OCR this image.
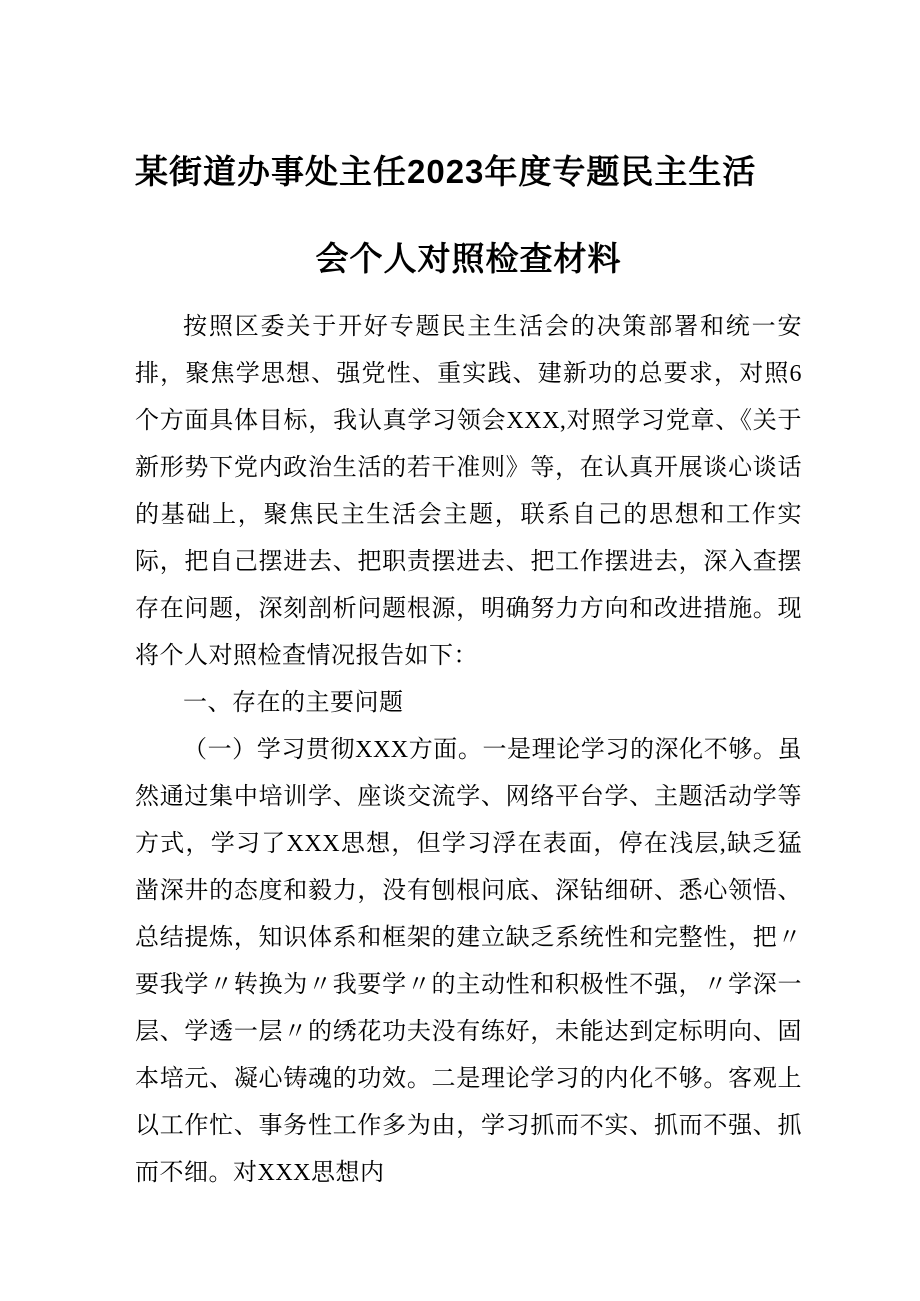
某街道办事处主任2023年度专题民主生活
会个人对照检查材料

按照区委关于开好专题民主生活会的决策部署和统一安排，聚焦学思想、强党性、重实践、建新功的总要求，对照6个方面具体目标，我认真学习领会XXX,对照学习党章、《关于新形势下党内政治生活的若干准则》等，在认真开展谈心谈话的基础上，聚焦民主生活会主题，联系自己的思想和工作实际，把自己摆进去、把职责摆进去、把工作摆进去，深入查摆存在问题，深刻剖析问题根源，明确努力方向和改进措施。现将个人对照检查情况报告如下：

一、存在的主要问题

（一）学习贯彻XXX方面。一是理论学习的深化不够。虽然通过集中培训学、座谈交流学、网络平台学、主题活动学等方式，学习了XXX思想，但学习浮在表面，停在浅层,缺乏猛凿深井的态度和毅力，没有刨根问底、深钻细研、悉心领悟、总结提炼，知识体系和框架的建立缺乏系统性和完整性，把〃要我学〃转换为〃我要学〃的主动性和积极性不强，〃学深一层、学透一层〃的绣花功夫没有练好，未能达到定标明向、固本培元、凝心铸魂的功效。二是理论学习的内化不够。客观上以工作忙、事务性工作多为由，学习抓而不实、抓而不强、抓而不细。对XXX思想内
